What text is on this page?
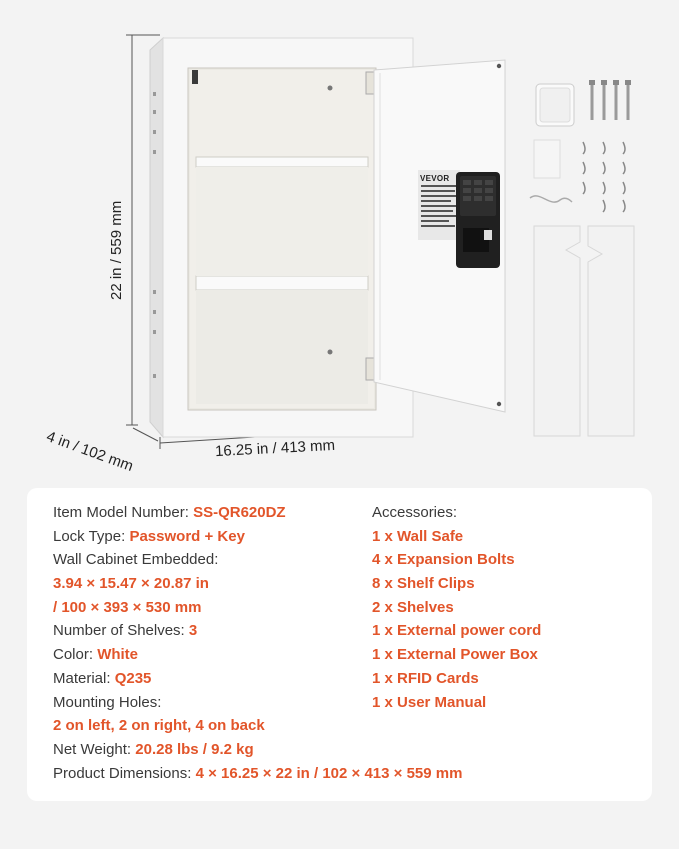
22 in / 559 mm
16.25 in / 413 mm
4 in / 102 mm
VEVOR
Item Model Number: SS-QR620DZ
Lock Type: Password + Key
Wall Cabinet Embedded:
3.94 × 15.47 × 20.87 in
/ 100 × 393 × 530 mm
Number of Shelves: 3
Color: White
Material: Q235
Mounting Holes:
2 on left, 2 on right, 4 on back
Net Weight: 20.28 lbs / 9.2 kg
Product Dimensions: 4 × 16.25 × 22 in / 102 × 413 × 559 mm
Accessories:
1 x Wall Safe
4 x Expansion Bolts
8 x Shelf Clips
2 x Shelves
1 x External power cord
1 x External Power Box
1 x RFID Cards
1 x User Manual
